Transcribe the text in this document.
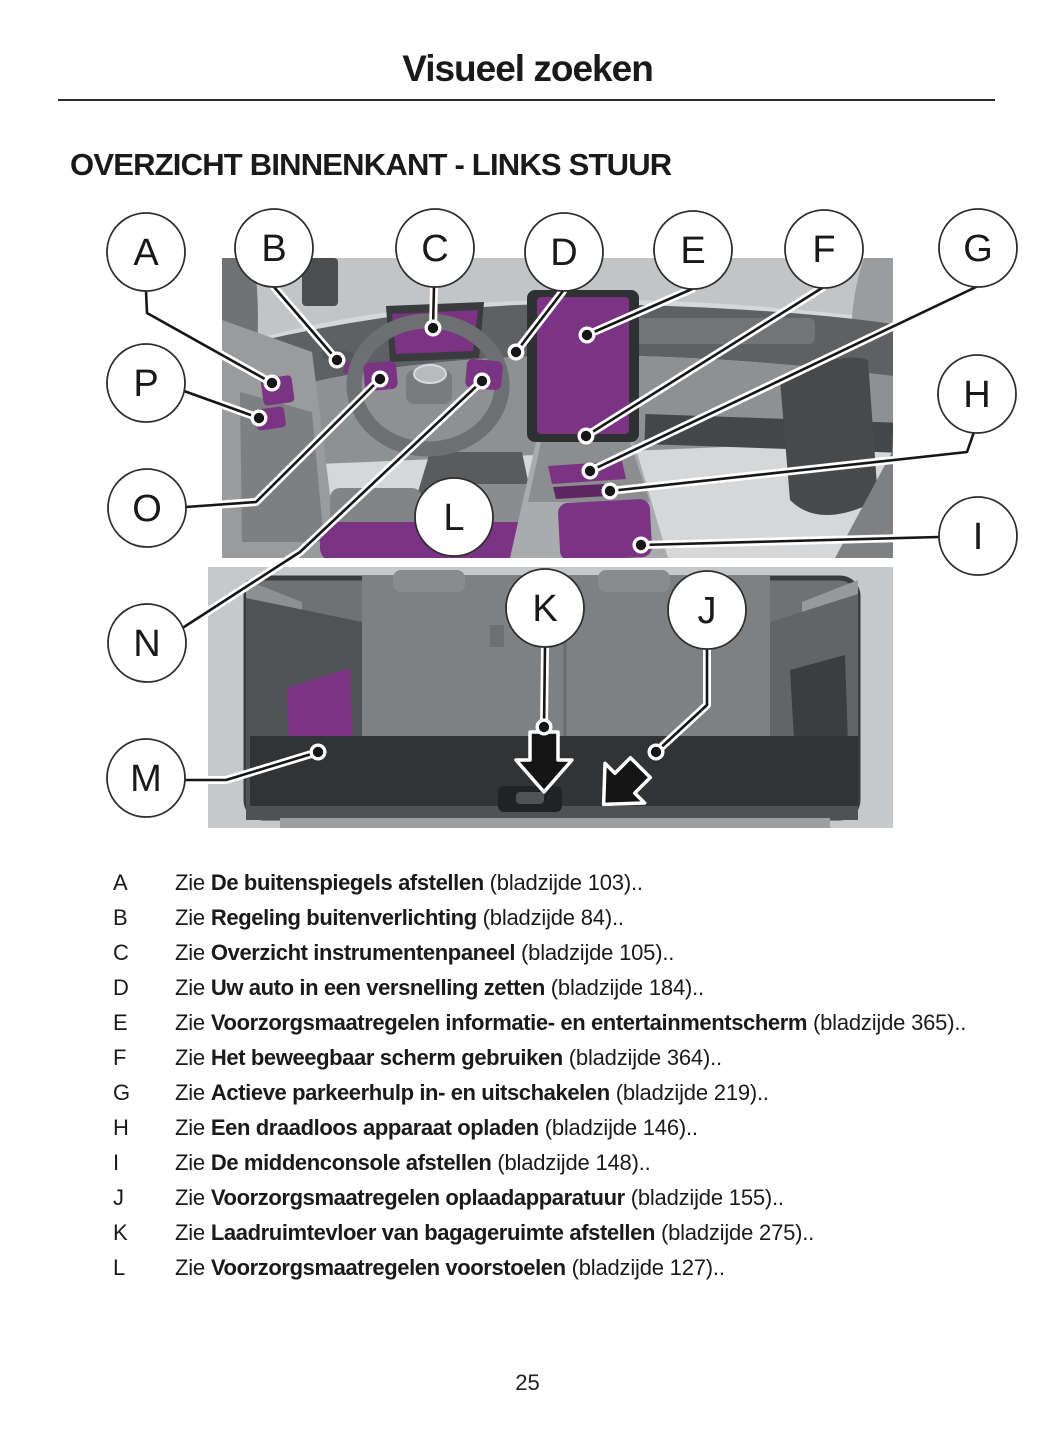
Visueel zoeken
OVERZICHT BINNENKANT - LINKS STUUR
A	B	C	D	E	F	G
H
I
J
K
L
M
N
O
P
A	Zie De buitenspiegels afstellen (bladzijde 103)..
B	Zie Regeling buitenverlichting (bladzijde 84)..
C	Zie Overzicht instrumentenpaneel (bladzijde 105)..
D	Zie Uw auto in een versnelling zetten (bladzijde 184)..
E	Zie Voorzorgsmaatregelen informatie- en entertainmentscherm (bladzijde 365)..
F	Zie Het beweegbaar scherm gebruiken (bladzijde 364)..
G	Zie Actieve parkeerhulp in- en uitschakelen (bladzijde 219)..
H	Zie Een draadloos apparaat opladen (bladzijde 146)..
I	Zie De middenconsole afstellen (bladzijde 148)..
J	Zie Voorzorgsmaatregelen oplaadapparatuur (bladzijde 155)..
K	Zie Laadruimtevloer van bagageruimte afstellen (bladzijde 275)..
L	Zie Voorzorgsmaatregelen voorstoelen (bladzijde 127)..
25
